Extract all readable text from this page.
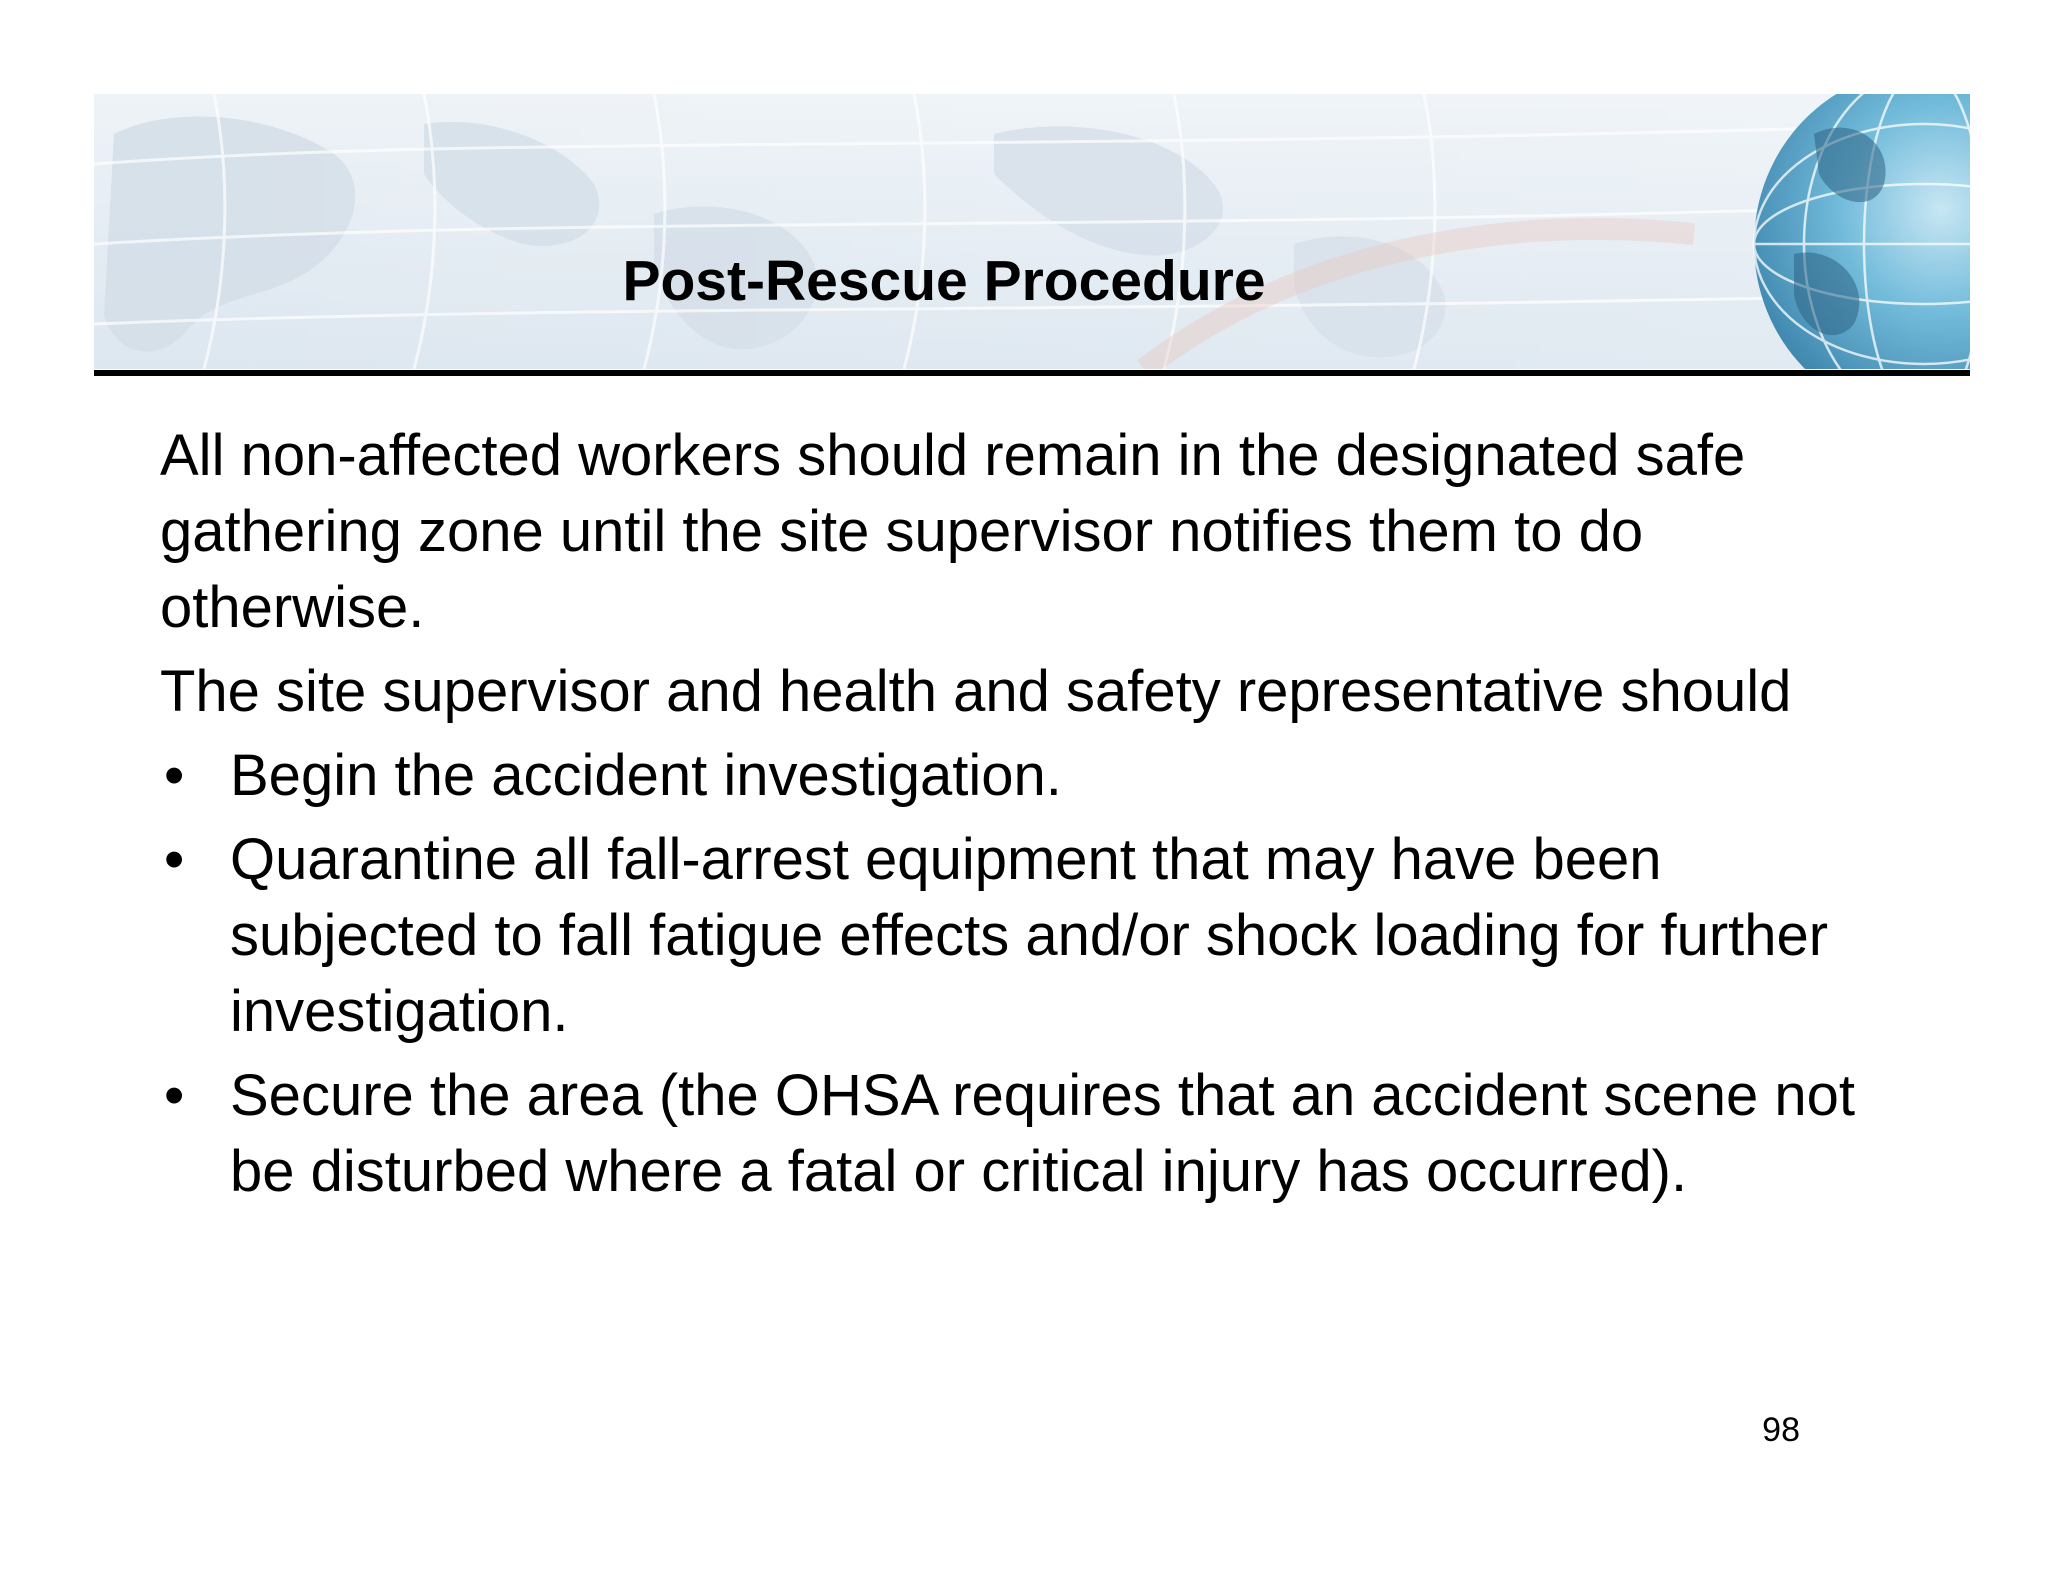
Post-Rescue Procedure

All non-affected workers should remain in the designated safe gathering zone until the site supervisor notifies them to do otherwise.

The site supervisor and health and safety representative should

• Begin the accident investigation.
• Quarantine all fall-arrest equipment that may have been subjected to fall fatigue effects and/or shock loading for further investigation.
• Secure the area (the OHSA requires that an accident scene not be disturbed where a fatal or critical injury has occurred).
98
